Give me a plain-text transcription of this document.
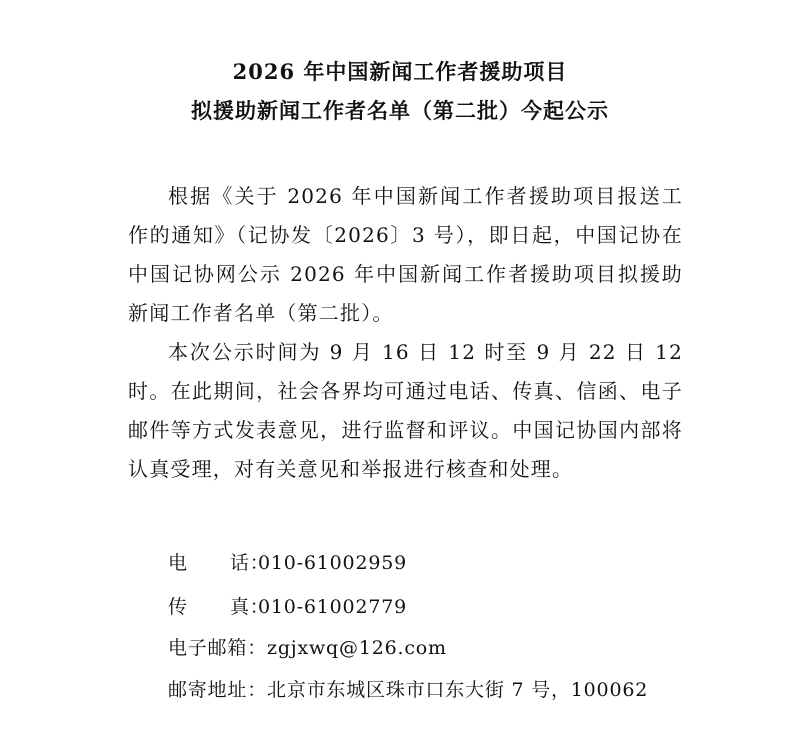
2026 年中国新闻工作者援助项目
拟援助新闻工作者名单（第二批）今起公示

根据《关于 2026 年中国新闻工作者援助项目报送工作的通知》（记协发〔2026〕3 号），即日起，中国记协在中国记协网公示 2026 年中国新闻工作者援助项目拟援助新闻工作者名单（第二批）。

本次公示时间为 9 月 16 日 12 时至 9 月 22 日 12 时。在此期间，社会各界均可通过电话、传真、信函、电子邮件等方式发表意见，进行监督和评议。中国记协国内部将认真受理，对有关意见和举报进行核查和处理。

电 话：010-61002959
传 真：010-61002779
电子邮箱：zgjxwq@126.com
邮寄地址：北京市东城区珠市口东大街 7 号，100062
